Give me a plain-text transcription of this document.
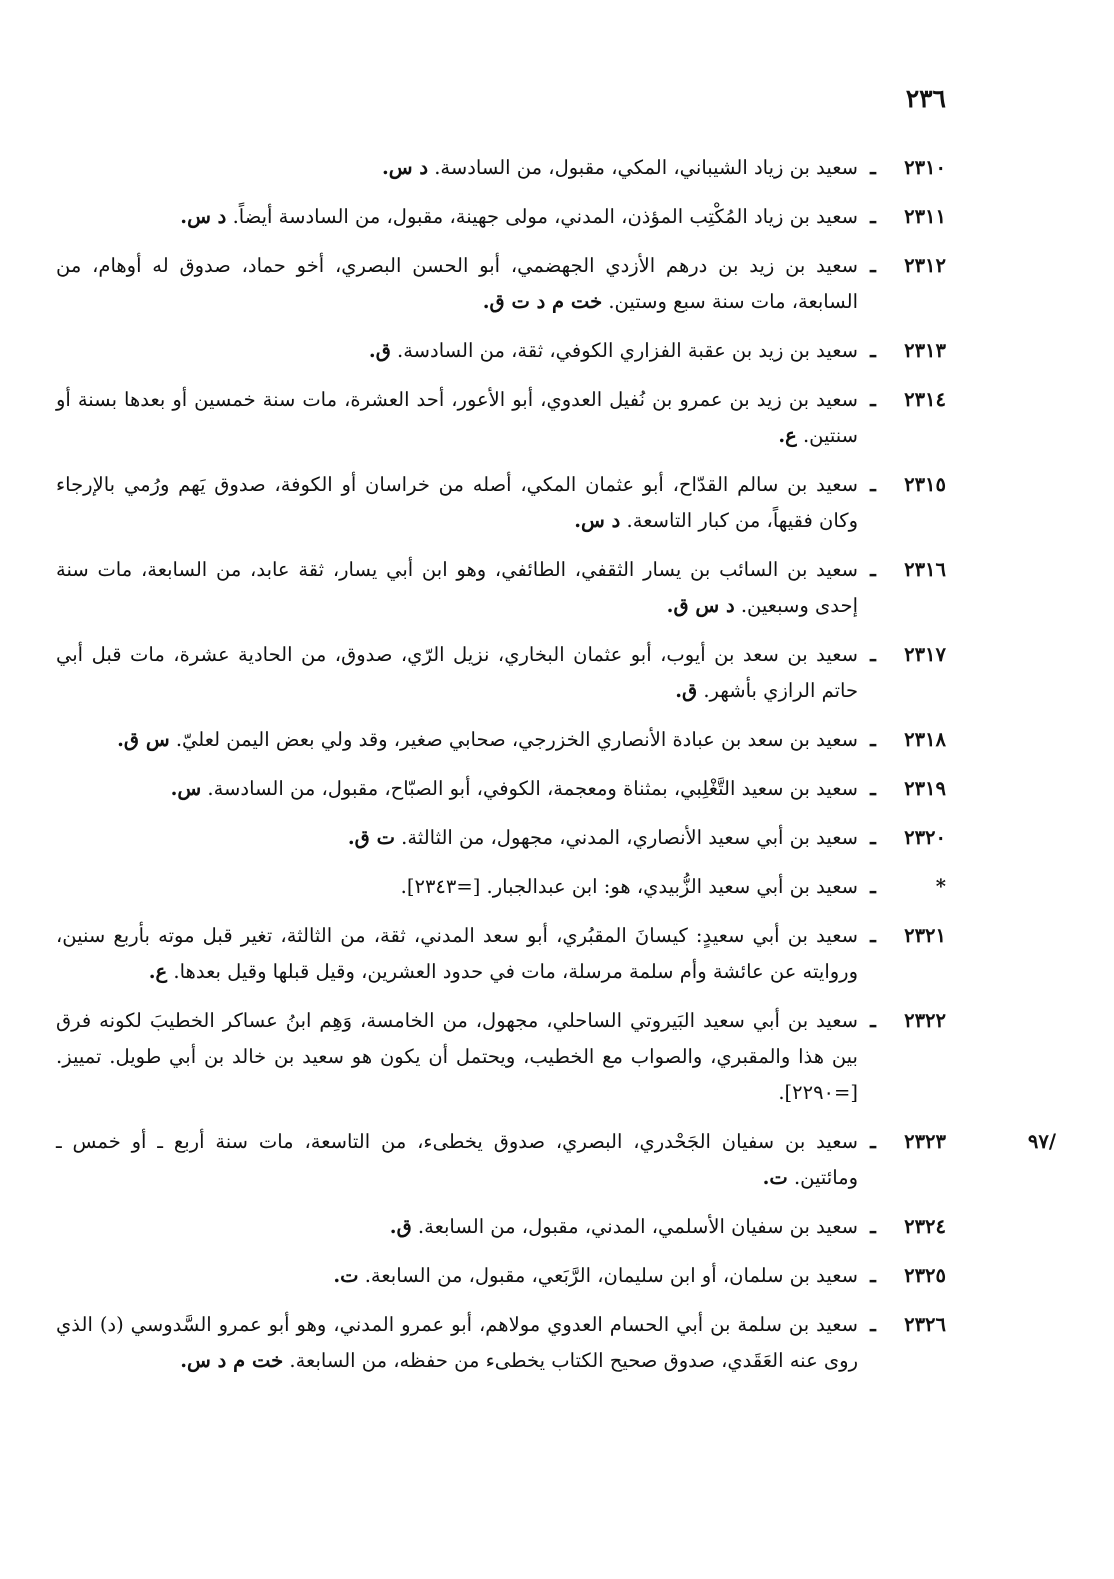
٢٣٦
٢٣١٠
ـ
سعيد بن زياد الشيباني، المكي، مقبول، من السادسة. د س.
٢٣١١
ـ
سعيد بن زياد المُكْتِب المؤذن، المدني، مولى جهينة، مقبول، من السادسة أيضاً. د س.
٢٣١٢
ـ
سعيد بن زيد بن درهم الأزدي الجهضمي، أبو الحسن البصري، أخو حماد، صدوق له أوهام، من السابعة، مات سنة سبع وستين. خت م د ت ق.
٢٣١٣
ـ
سعيد بن زيد بن عقبة الفزاري الكوفي، ثقة، من السادسة. ق.
٢٣١٤
ـ
سعيد بن زيد بن عمرو بن نُفيل العدوي، أبو الأعور، أحد العشرة، مات سنة خمسين أو بعدها بسنة أو سنتين. ع.
٢٣١٥
ـ
سعيد بن سالم القدّاح، أبو عثمان المكي، أصله من خراسان أو الكوفة، صدوق يَهم ورُمي بالإرجاء وكان فقيهاً، من كبار التاسعة. د س.
٢٣١٦
ـ
سعيد بن السائب بن يسار الثقفي، الطائفي، وهو ابن أبي يسار، ثقة عابد، من السابعة، مات سنة إحدى وسبعين. د س ق.
٢٣١٧
ـ
سعيد بن سعد بن أيوب، أبو عثمان البخاري، نزيل الرّي، صدوق، من الحادية عشرة، مات قبل أبي حاتم الرازي بأشهر. ق.
٢٣١٨
ـ
سعيد بن سعد بن عبادة الأنصاري الخزرجي، صحابي صغير، وقد ولي بعض اليمن لعليّ. س ق.
٢٣١٩
ـ
سعيد بن سعيد التَّغْلِبي، بمثناة ومعجمة، الكوفي، أبو الصبّاح، مقبول، من السادسة. س.
٢٣٢٠
ـ
سعيد بن أبي سعيد الأنصاري، المدني، مجهول، من الثالثة. ت ق.
*
ـ
سعيد بن أبي سعيد الزُّبيدي، هو: ابن عبدالجبار. [=٢٣٤٣].
٢٣٢١
ـ
سعيد بن أبي سعيدٍ: كيسانَ المقبُري، أبو سعد المدني، ثقة، من الثالثة، تغير قبل موته بأربع سنين، وروايته عن عائشة وأم سلمة مرسلة، مات في حدود العشرين، وقيل قبلها وقيل بعدها. ع.
٢٣٢٢
ـ
سعيد بن أبي سعيد البَيروتي الساحلي، مجهول، من الخامسة، وَهِم ابنُ عساكر الخطيبَ لكونه فرق بين هذا والمقبري، والصواب مع الخطيب، ويحتمل أن يكون هو سعيد بن خالد بن أبي طويل. تمييز. [=٢٢٩٠].
٢٣٢٣
ـ
سعيد بن سفيان الجَحْدري، البصري، صدوق يخطىء، من التاسعة، مات سنة أربع ـ أو خمس ـ ومائتين. ت.
/٩٧
٢٣٢٤
ـ
سعيد بن سفيان الأسلمي، المدني، مقبول، من السابعة. ق.
٢٣٢٥
ـ
سعيد بن سلمان، أو ابن سليمان، الرَّبَعي، مقبول، من السابعة. ت.
٢٣٢٦
ـ
سعيد بن سلمة بن أبي الحسام العدوي مولاهم، أبو عمرو المدني، وهو أبو عمرو السَّدوسي (د) الذي روى عنه العَقَدي، صدوق صحيح الكتاب يخطىء من حفظه، من السابعة. خت م د س.
